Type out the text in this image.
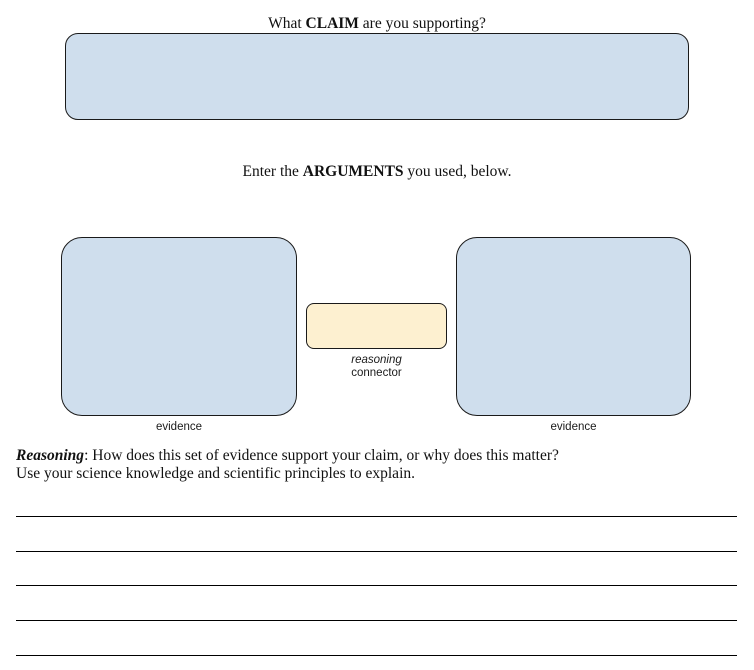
What CLAIM are you supporting?
Enter the ARGUMENTS you used, below.
evidence
reasoning
connector
evidence
Reasoning: How does this set of evidence support your claim, or why does this matter?
Use your science knowledge and scientific principles to explain.
